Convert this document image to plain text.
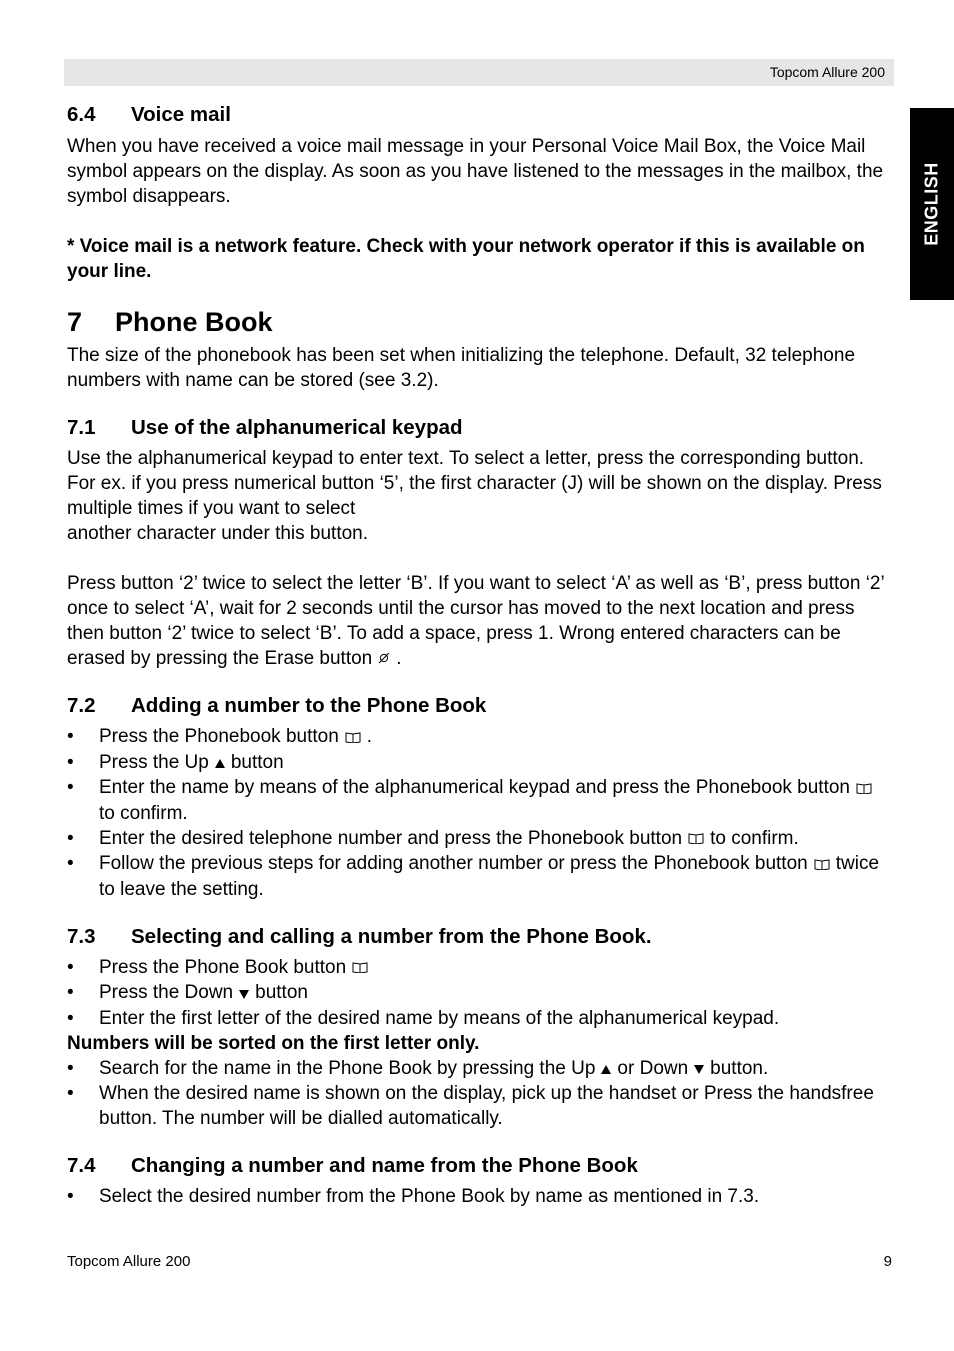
Topcom Allure 200
ENGLISH
6.4 Voice mail

When you have received a voice mail message in your Personal Voice Mail Box, the Voice Mail symbol appears on the display. As soon as you have listened to the messages in the mailbox, the symbol disappears.

* Voice mail is a network feature. Check with your network operator if this is available on your line.

7 Phone Book

The size of the phonebook has been set when initializing the telephone. Default, 32 telephone numbers with name can be stored (see 3.2).

7.1 Use of the alphanumerical keypad

Use the alphanumerical keypad to enter text. To select a letter, press the corresponding button. For ex. if you press numerical button ‘5’, the first character (J) will be shown on the display. Press multiple times if you want to select

another character under this button.

Press button ‘2’ twice to select the letter ‘B’. If you want to select ‘A’ as well as ‘B’, press button ‘2’ once to select ‘A’, wait for 2 seconds until the cursor has moved to the next location and press then button ‘2’ twice to select ‘B’. To add a space, press 1. Wrong entered characters can be erased by pressing the Erase button .

7.2 Adding a number to the Phone Book
• Press the Phonebook button .
• Press the Up button
• Enter the name by means of the alphanumerical keypad and press the Phonebook buttonto confirm.
• Enter the desired telephone number and press the Phonebook button to confirm.
• Follow the previous steps for adding another number or press the Phonebook button twice to leave the setting.
7.3 Selecting and calling a number from the Phone Book.
• Press the Phone Book button
• Press the Down button
• Enter the first letter of the desired name by means of the alphanumerical keypad.

Numbers will be sorted on the first letter only.

• Search for the name in the Phone Book by pressing the Up or Down button.
• When the desired name is shown on the display, pick up the handset or Press the handsfree button. The number will be dialled automatically.
7.4 Changing a number and name from the Phone Book
• Select the desired number from the Phone Book by name as mentioned in 7.3.
Topcom Allure 200	9
